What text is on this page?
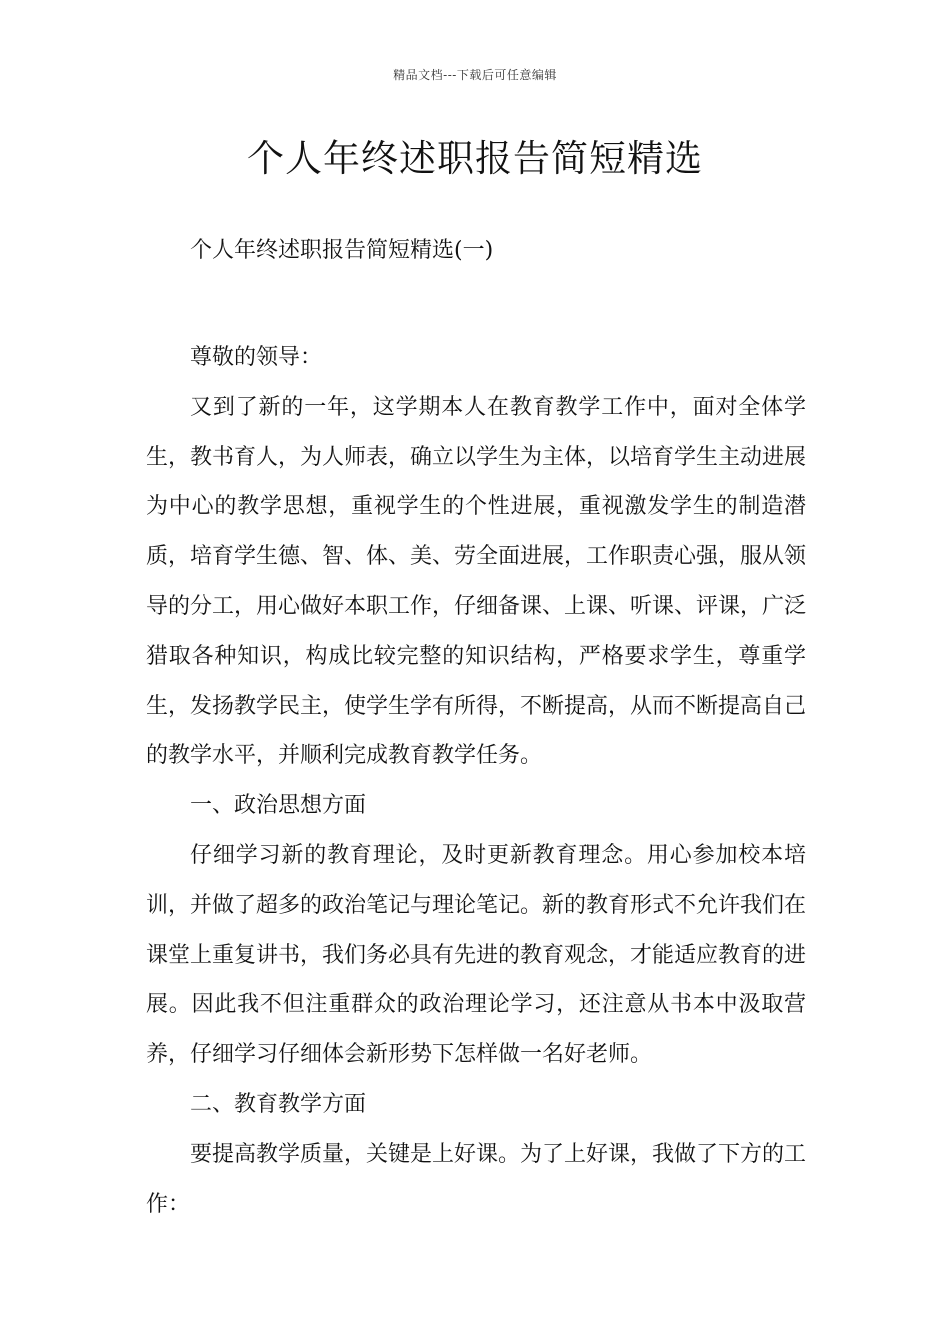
精品文档---下载后可任意编辑
个人年终述职报告简短精选

个人年终述职报告简短精选(一)

尊敬的领导：

又到了新的一年，这学期本人在教育教学工作中，面对全体学生，教书育人，为人师表，确立以学生为主体，以培育学生主动进展为中心的教学思想，重视学生的个性进展，重视激发学生的制造潜质，培育学生德、智、体、美、劳全面进展，工作职责心强，服从领导的分工，用心做好本职工作，仔细备课、上课、听课、评课，广泛猎取各种知识，构成比较完整的知识结构，严格要求学生，尊重学生，发扬教学民主，使学生学有所得，不断提高，从而不断提高自己的教学水平，并顺利完成教育教学任务。

一、政治思想方面

仔细学习新的教育理论，及时更新教育理念。用心参加校本培训，并做了超多的政治笔记与理论笔记。新的教育形式不允许我们在课堂上重复讲书，我们务必具有先进的教育观念，才能适应教育的进展。因此我不但注重群众的政治理论学习，还注意从书本中汲取营养，仔细学习仔细体会新形势下怎样做一名好老师。

二、教育教学方面

要提高教学质量，关键是上好课。为了上好课，我做了下方的工作：
